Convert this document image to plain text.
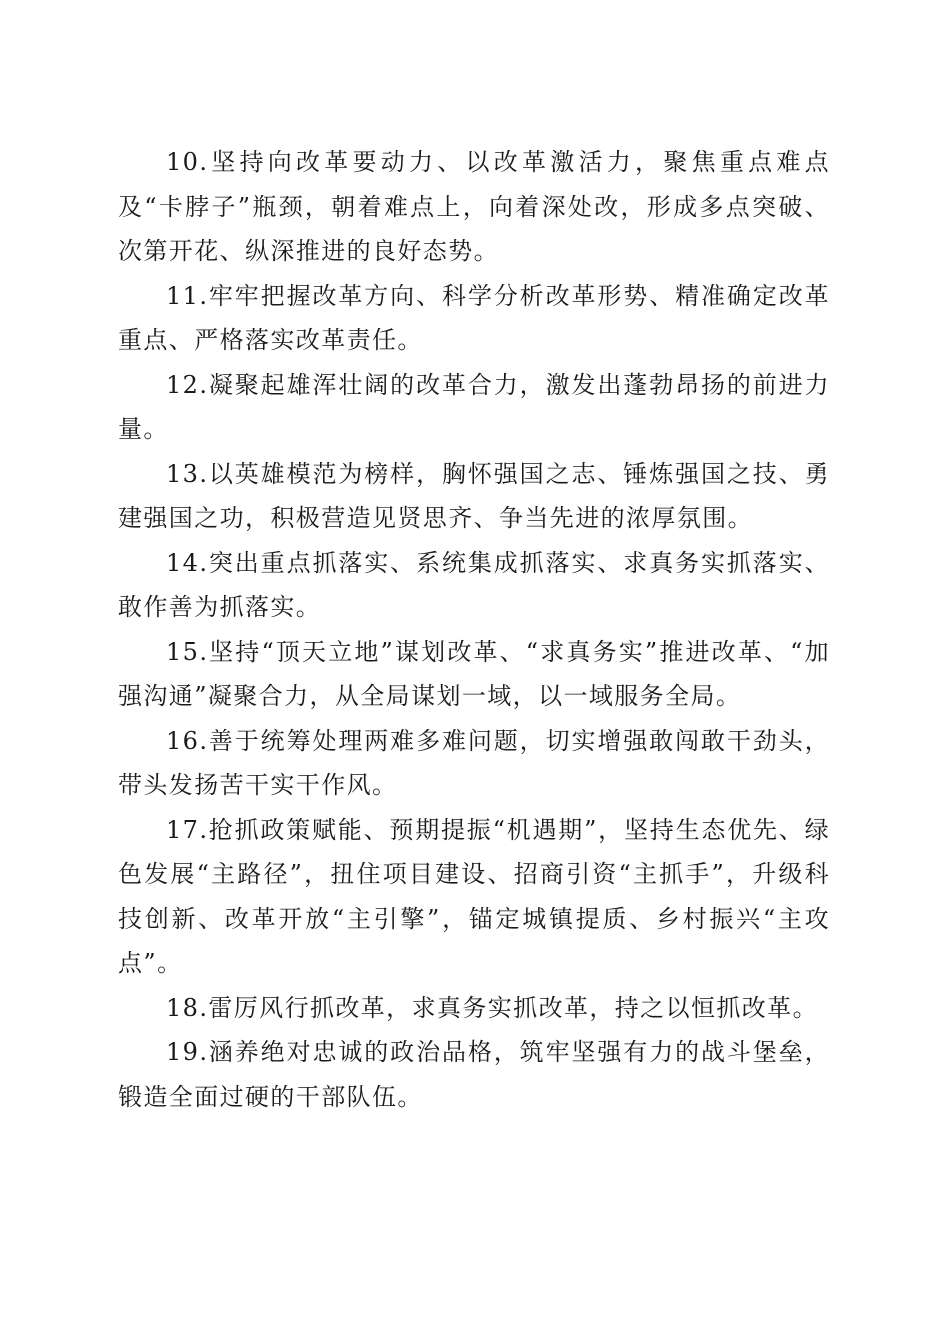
10.坚持向改革要动力、以改革激活力，聚焦重点难点及“卡脖子”瓶颈，朝着难点上，向着深处改，形成多点突破、次第开花、纵深推进的良好态势。

11.牢牢把握改革方向、科学分析改革形势、精准确定改革重点、严格落实改革责任。

12.凝聚起雄浑壮阔的改革合力，激发出蓬勃昂扬的前进力量。

13.以英雄模范为榜样，胸怀强国之志、锤炼强国之技、勇建强国之功，积极营造见贤思齐、争当先进的浓厚氛围。

14.突出重点抓落实、系统集成抓落实、求真务实抓落实、敢作善为抓落实。

15.坚持“顶天立地”谋划改革、“求真务实”推进改革、“加强沟通”凝聚合力，从全局谋划一域，以一域服务全局。

16.善于统筹处理两难多难问题，切实增强敢闯敢干劲头，带头发扬苦干实干作风。

17.抢抓政策赋能、预期提振“机遇期”，坚持生态优先、绿色发展“主路径”，扭住项目建设、招商引资“主抓手”，升级科技创新、改革开放“主引擎”，锚定城镇提质、乡村振兴“主攻点”。

18.雷厉风行抓改革，求真务实抓改革，持之以恒抓改革。

19.涵养绝对忠诚的政治品格，筑牢坚强有力的战斗堡垒，锻造全面过硬的干部队伍。
